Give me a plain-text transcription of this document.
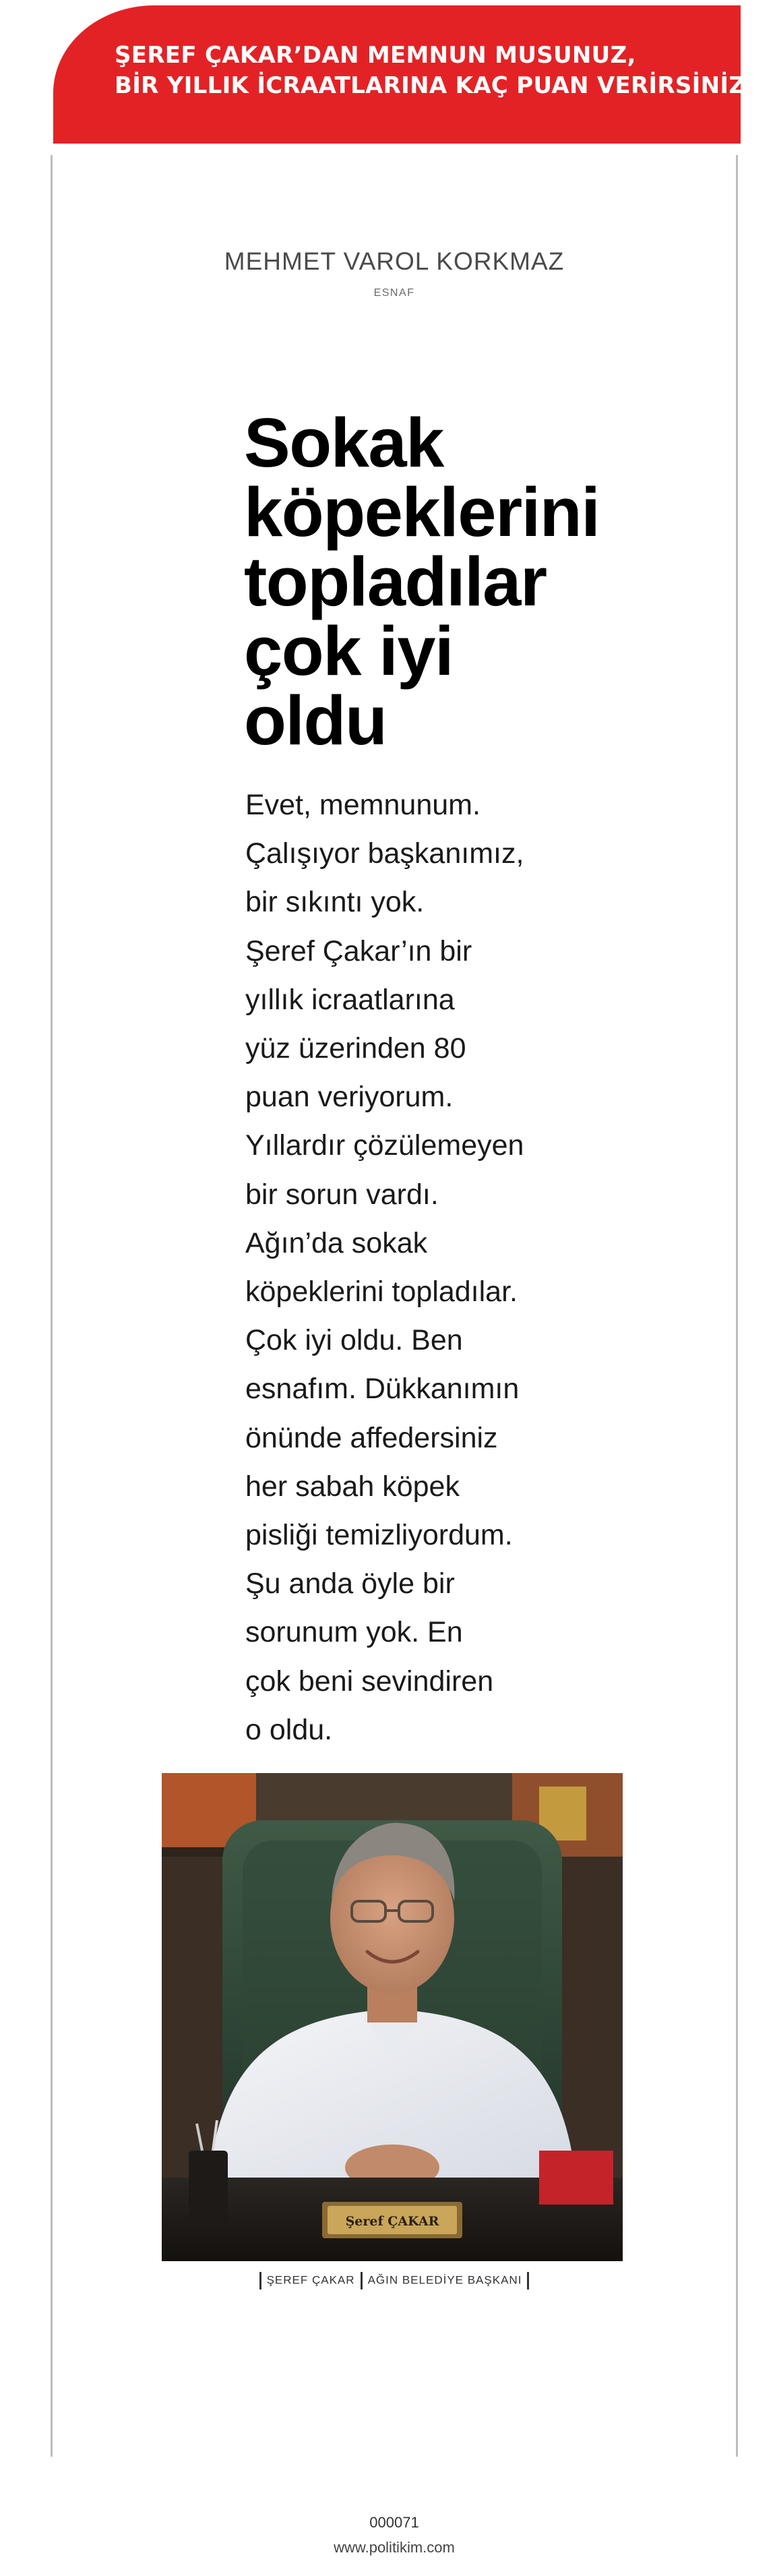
ŞEREF ÇAKAR’DAN MEMNUN MUSUNUZ,
BİR YILLIK İCRAATLARINA KAÇ PUAN VERİRSİNİZ?
MEHMET VAROL KORKMAZ
ESNAF
Sokak
köpeklerini
topladılar
çok iyi
oldu
Evet, memnunum.
Çalışıyor başkanımız,
bir sıkıntı yok.
Şeref Çakar’ın bir
yıllık icraatlarına
yüz üzerinden 80
puan veriyorum.
Yıllardır çözülemeyen
bir sorun vardı.
Ağın’da sokak
köpeklerini topladılar.
Çok iyi oldu. Ben
esnafım. Dükkanımın
önünde affedersiniz
her sabah köpek
pisliği temizliyordum.
Şu anda öyle bir
sorunum yok. En
çok beni sevindiren
o oldu.
Şeref ÇAKAR
ŞEREF ÇAKAR AĞIN BELEDİYE BAŞKANI
000071
www.politikim.com
